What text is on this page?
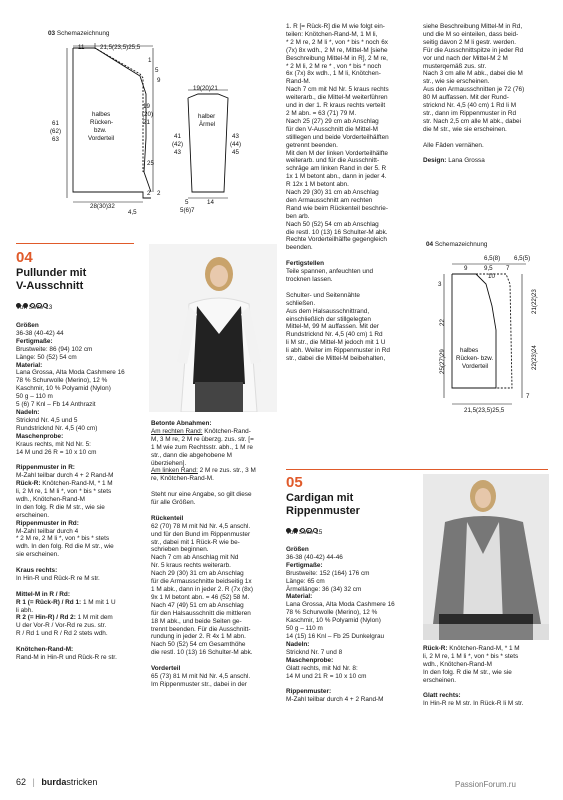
03 Schemazeichnung
11	21,5(23,5)25,5
1
5
9
19
(20)
21
25
2 2
61
(62)
63
28(30)32
4,5
halbes
Rücken-
bzw.
Vorderteil
19(20)21
41
(42)
43
43
(44)
45
halber
Ärmel
5	14
5(6)7
04
Pullunder mit
V-Ausschnitt
Von Seite 13

Größen

36-38 (40-42) 44

Fertigmaße:

Brustweite: 86 (94) 102 cm

Länge: 50 (52) 54 cm

Material:

Lana Grossa, Alta Moda Cashmere 16

78 % Schurwolle (Merino), 12 %

Kaschmir, 10 % Polyamid (Nylon)

50 g – 110 m

5 (6) 7 Knl – Fb 14 Anthrazit

Nadeln:

Stricknd Nr. 4,5 und 5

Rundstricknd Nr. 4,5 (40 cm)

Maschenprobe:

Kraus rechts, mit Nd Nr. 5:

14 M und 26 R = 10 x 10 cm

Rippenmuster in R:

M-Zahl teilbar durch 4 + 2 Rand-M

Rück-R: Knötchen-Rand-M, * 1 M

li, 2 M re, 1 M li *, von * bis * stets

wdh., Knötchen-Rand-M

In den folg. R die M str., wie sie

erscheinen.

Rippenmuster in Rd:

M-Zahl teilbar durch 4

* 2 M re, 2 M li *, von * bis * stets

wdh. In den folg. Rd die M str., wie

sie erscheinen.

Kraus rechts:

In Hin-R und Rück-R re M str.

Mittel-M in R / Rd:

R 1 (= Rück-R) / Rd 1: 1 M mit 1 U

li abh.

R 2 (= Hin-R) / Rd 2: 1 M mit dem

U der Vor-R / Vor-Rd re zus. str.

R / Rd 1 und R / Rd 2 stets wdh.

Knötchen-Rand-M:

Rand-M in Hin-R und Rück-R re str.

Betonte Abnahmen:

Am rechten Rand: Knötchen-Rand-

M, 3 M re, 2 M re überzg. zus. str. [=

1 M wie zum Rechtsstr. abh., 1 M re

str., dann die abgehobene M

überziehen].

Am linken Rand: 2 M re zus. str., 3 M

re, Knötchen-Rand-M.

Steht nur eine Angabe, so gilt diese

für alle Größen.

Rückenteil

62 (70) 78 M mit Nd Nr. 4,5 anschl.

und für den Bund im Rippenmuster

str., dabei mit 1 Rück-R wie be-

schrieben beginnen.

Nach 7 cm ab Anschlag mit Nd

Nr. 5 kraus rechts weiterarb.

Nach 29 (30) 31 cm ab Anschlag

für die Armausschnitte beidseitig 1x

1 M abk., dann in jeder 2. R (7x (8x)

9x 1 M betont abn. = 46 (52) 58 M.

Nach 47 (49) 51 cm ab Anschlag

für den Halsausschnitt die mittleren

18 M abk., und beide Seiten ge-

trennt beenden. Für die Ausschnitt-

rundung in jeder 2. R 4x 1 M abn.

Nach 50 (52) 54 cm Gesamthöhe

die restl. 10 (13) 16 Schulter-M abk.

Vorderteil

65 (73) 81 M mit Nd Nr. 4,5 anschl.

Im Rippenmuster str., dabei in der

1. R [= Rück-R] die M wie folgt ein-

teilen: Knötchen-Rand-M, 1 M li,

* 2 M re, 2 M li *, von * bis * noch 6x

(7x) 8x wdh., 2 M re, Mittel-M [siehe

Beschreibung Mittel-M in R], 2 M re,

* 2 M li, 2 M re * , von * bis * noch

6x (7x) 8x wdh., 1 M li, Knötchen-

Rand-M.

Nach 7 cm mit Nd Nr. 5 kraus rechts

weiterarb., die Mittel-M weiterführen

und in der 1. R kraus rechts verteilt

2 M abn. = 63 (71) 79 M.

Nach 25 (27) 29 cm ab Anschlag

für den V-Ausschnitt die Mittel-M

stilllegen und beide Vorderteilhälften

getrennt beenden.

Mit den M der linken Vorderteilhälfte

weiterarb. und für die Ausschnitt-

schräge am linken Rand in der 5. R

1x 1 M betont abn., dann in jeder 4.

R 12x 1 M betont abn.

Nach 29 (30) 31 cm ab Anschlag

den Armausschnitt am rechten

Rand wie beim Rückenteil beschrie-

ben arb.

Nach 50 (52) 54 cm ab Anschlag

die restl. 10 (13) 16 Schulter-M abk.

Rechte Vorderteilhälfte gegengleich

beenden.

Fertigstellen

Teile spannen, anfeuchten und

trocknen lassen.

Schulter- und Seitennähte

schließen.

Aus dem Halsausschnittrand,

einschließlich der stillgelegten

Mittel-M, 99 M auffassen. Mit der

Rundstricknd Nr. 4,5 (40 cm) 1 Rd

li M str., die Mittel-M jedoch mit 1 U

li abh. Weiter im Rippenmuster in Rd

str., dabei die Mittel-M beibehalten,

siehe Beschreibung Mittel-M in Rd,

und die M so einteilen, dass beid-

seitig davon 2 M li gestr. werden.

Für die Ausschnittspitze in jeder Rd

vor und nach der Mittel-M 2 M

musterqemäß zus. str.

Nach 3 cm alle M abk., dabei die M

str., wie sie erscheinen.

Aus den Armausschnitten je 72 (76)

80 M auffassen. Mit der Rund-

stricknd Nr. 4,5 (40 cm) 1 Rd li M

str., dann im Rippenmuster in Rd

str. Nach 2,5 cm alle M abk., dabei

die M str., wie sie erscheinen.

Alle Fäden vernähen.

Design: Lana Grossa

04 Schemazeichnung
6,5(8) 6,5(5)
9	9,5 7
10
3
22
25(27)29
21(22)23
22(23)24
7
halbes
Rücken- bzw.
Vorderteil
21,5(23,5)25,5
05
Cardigan mit
Rippenmuster
Von Seite 15

Größen

36-38 (40-42) 44-46

Fertigmaße:

Brustweite: 152 (164) 176 cm

Länge: 65 cm

Ärmellänge: 36 (34) 32 cm

Material:

Lana Grossa, Alta Moda Cashmere 16

78 % Schurwolle (Merino), 12 %

Kaschmir, 10 % Polyamid (Nylon)

50 g – 110 m

14 (15) 16 Knl – Fb 25 Dunkelgrau

Nadeln:

Stricknd Nr. 7 und 8

Maschenprobe:

Glatt rechts, mit Nd Nr. 8:

14 M und 21 R = 10 x 10 cm

Rippenmuster:

M-Zahl teilbar durch 4 + 2 Rand-M

Rück-R: Knötchen-Rand-M, * 1 M

li, 2 M re, 1 M li *, von * bis * stets

wdh., Knötchen-Rand-M

In den folg. R die M str., wie sie

erscheinen.

Glatt rechts:

In Hin-R re M str. In Rück-R li M str.

62 | burdastricken	PassionForum.ru
